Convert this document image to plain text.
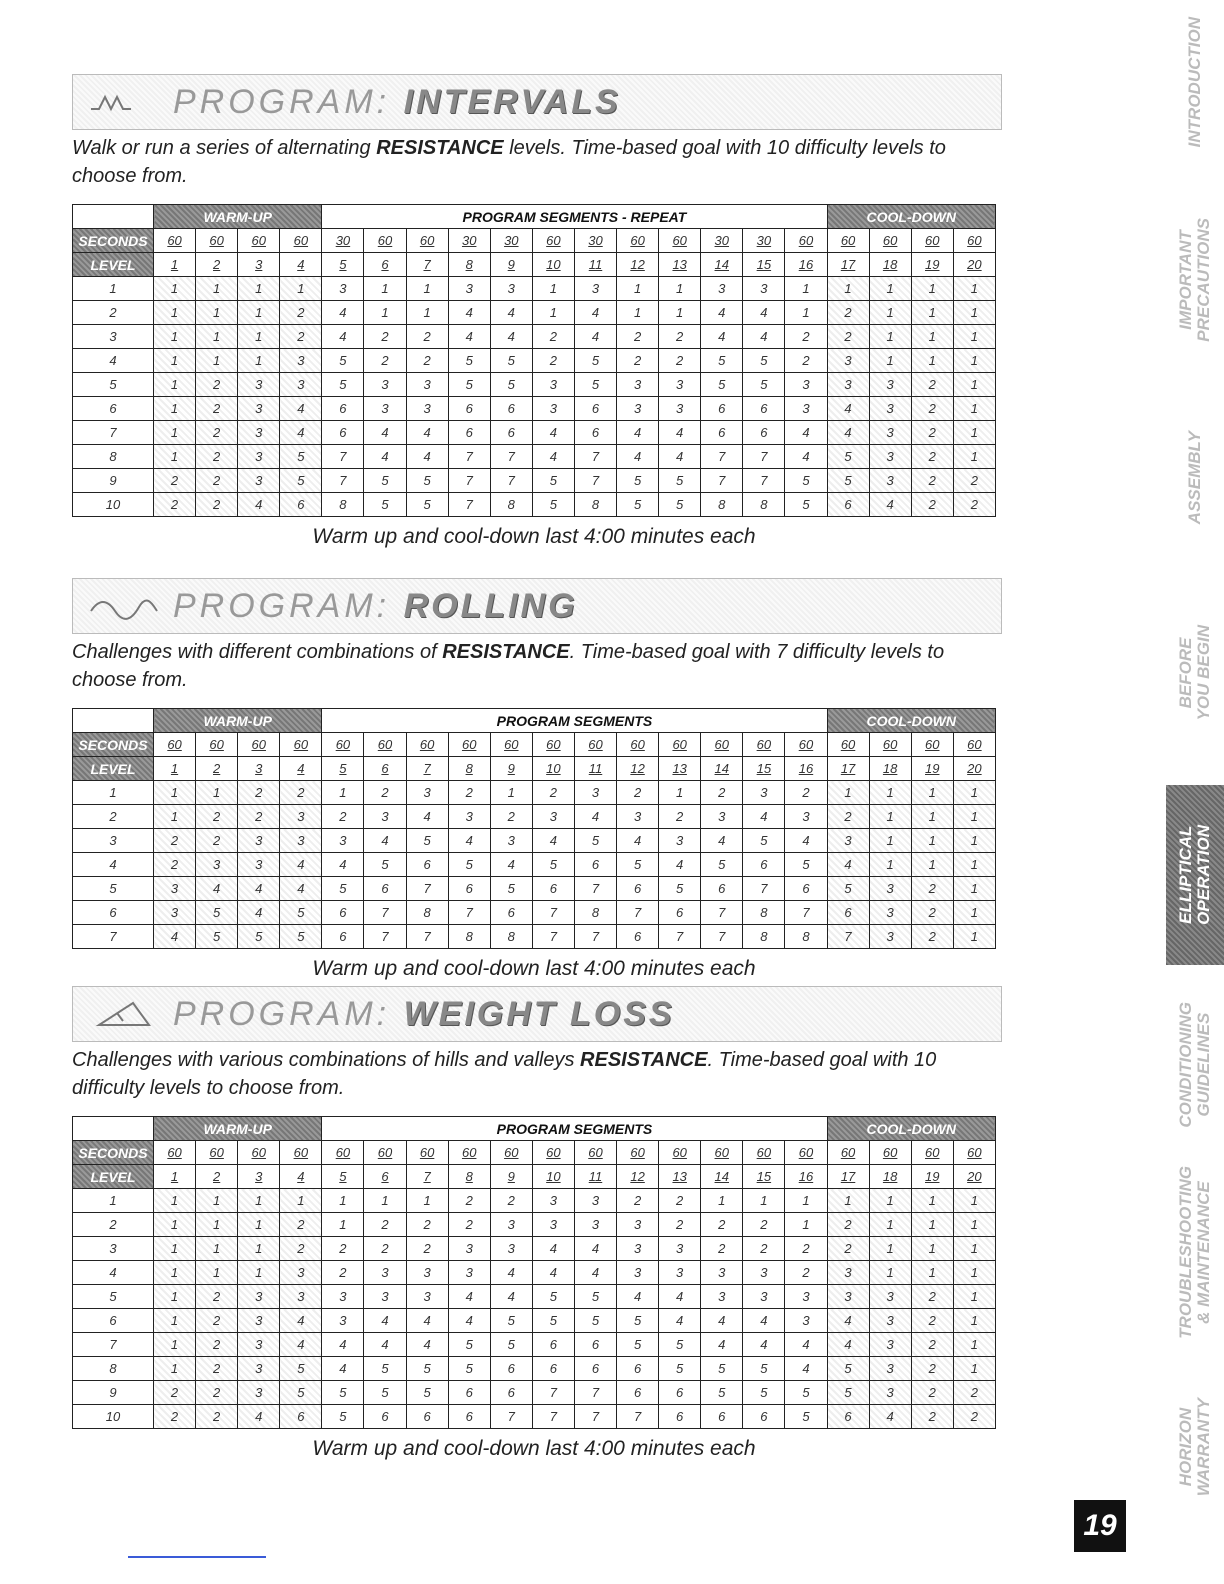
PROGRAM: INTERVALS

Walk or run a series of alternating RESISTANCE levels. Time-based goal with 10 difficulty levels to choose from.

	WARM-UP				PROGRAM SEGMENTS - REPEAT												COOL-DOWN			
SECONDS	60	60	60	60	30	60	60	30	30	60	30	60	60	30	30	60	60	60	60	60
LEVEL	1	2	3	4	5	6	7	8	9	10	11	12	13	14	15	16	17	18	19	20
1	1	1	1	1	3	1	1	3	3	1	3	1	1	3	3	1	1	1	1	1
2	1	1	1	2	4	1	1	4	4	1	4	1	1	4	4	1	2	1	1	1
3	1	1	1	2	4	2	2	4	4	2	4	2	2	4	4	2	2	1	1	1
4	1	1	1	3	5	2	2	5	5	2	5	2	2	5	5	2	3	1	1	1
5	1	2	3	3	5	3	3	5	5	3	5	3	3	5	5	3	3	3	2	1
6	1	2	3	4	6	3	3	6	6	3	6	3	3	6	6	3	4	3	2	1
7	1	2	3	4	6	4	4	6	6	4	6	4	4	6	6	4	4	3	2	1
8	1	2	3	5	7	4	4	7	7	4	7	4	4	7	7	4	5	3	2	1
9	2	2	3	5	7	5	5	7	7	5	7	5	5	7	7	5	5	3	2	2
10	2	2	4	6	8	5	5	7	8	5	8	5	5	8	8	5	6	4	2	2
Warm up and cool-down last 4:00 minutes each
PROGRAM: ROLLING

Challenges with different combinations of RESISTANCE. Time-based goal with 7 difficulty levels to choose from.

	WARM-UP				PROGRAM SEGMENTS												COOL-DOWN			
SECONDS	60	60	60	60	60	60	60	60	60	60	60	60	60	60	60	60	60	60	60	60
LEVEL	1	2	3	4	5	6	7	8	9	10	11	12	13	14	15	16	17	18	19	20
1	1	1	2	2	1	2	3	2	1	2	3	2	1	2	3	2	1	1	1	1
2	1	2	2	3	2	3	4	3	2	3	4	3	2	3	4	3	2	1	1	1
3	2	2	3	3	3	4	5	4	3	4	5	4	3	4	5	4	3	1	1	1
4	2	3	3	4	4	5	6	5	4	5	6	5	4	5	6	5	4	1	1	1
5	3	4	4	4	5	6	7	6	5	6	7	6	5	6	7	6	5	3	2	1
6	3	5	4	5	6	7	8	7	6	7	8	7	6	7	8	7	6	3	2	1
7	4	5	5	5	6	7	7	8	8	7	7	6	7	7	8	8	7	3	2	1
Warm up and cool-down last 4:00 minutes each
PROGRAM: WEIGHT LOSS

Challenges with various combinations of hills and valleys RESISTANCE. Time-based goal with 10 difficulty levels to choose from.

	WARM-UP				PROGRAM SEGMENTS												COOL-DOWN			
SECONDS	60	60	60	60	60	60	60	60	60	60	60	60	60	60	60	60	60	60	60	60
LEVEL	1	2	3	4	5	6	7	8	9	10	11	12	13	14	15	16	17	18	19	20
1	1	1	1	1	1	1	1	2	2	3	3	2	2	1	1	1	1	1	1	1
2	1	1	1	2	1	2	2	2	3	3	3	3	2	2	2	1	2	1	1	1
3	1	1	1	2	2	2	2	3	3	4	4	3	3	2	2	2	2	1	1	1
4	1	1	1	3	2	3	3	3	4	4	4	3	3	3	3	2	3	1	1	1
5	1	2	3	3	3	3	3	4	4	5	5	4	4	3	3	3	3	3	2	1
6	1	2	3	4	3	4	4	4	5	5	5	5	4	4	4	3	4	3	2	1
7	1	2	3	4	4	4	4	5	5	6	6	5	5	4	4	4	4	3	2	1
8	1	2	3	5	4	5	5	5	6	6	6	6	5	5	5	4	5	3	2	1
9	2	2	3	5	5	5	5	6	6	7	7	6	6	5	5	5	5	3	2	2
10	2	2	4	6	5	6	6	6	7	7	7	7	6	6	6	5	6	4	2	2
Warm up and cool-down last 4:00 minutes each
INTRODUCTION
IMPORTANT
PRECAUTIONS
ASSEMBLY
BEFORE
YOU BEGIN
ELLIPTICAL
OPERATION
CONDITIONING
GUIDELINES
TROUBLESHOOTING
& MAINTENANCE
HORIZON
WARRANTY
19
